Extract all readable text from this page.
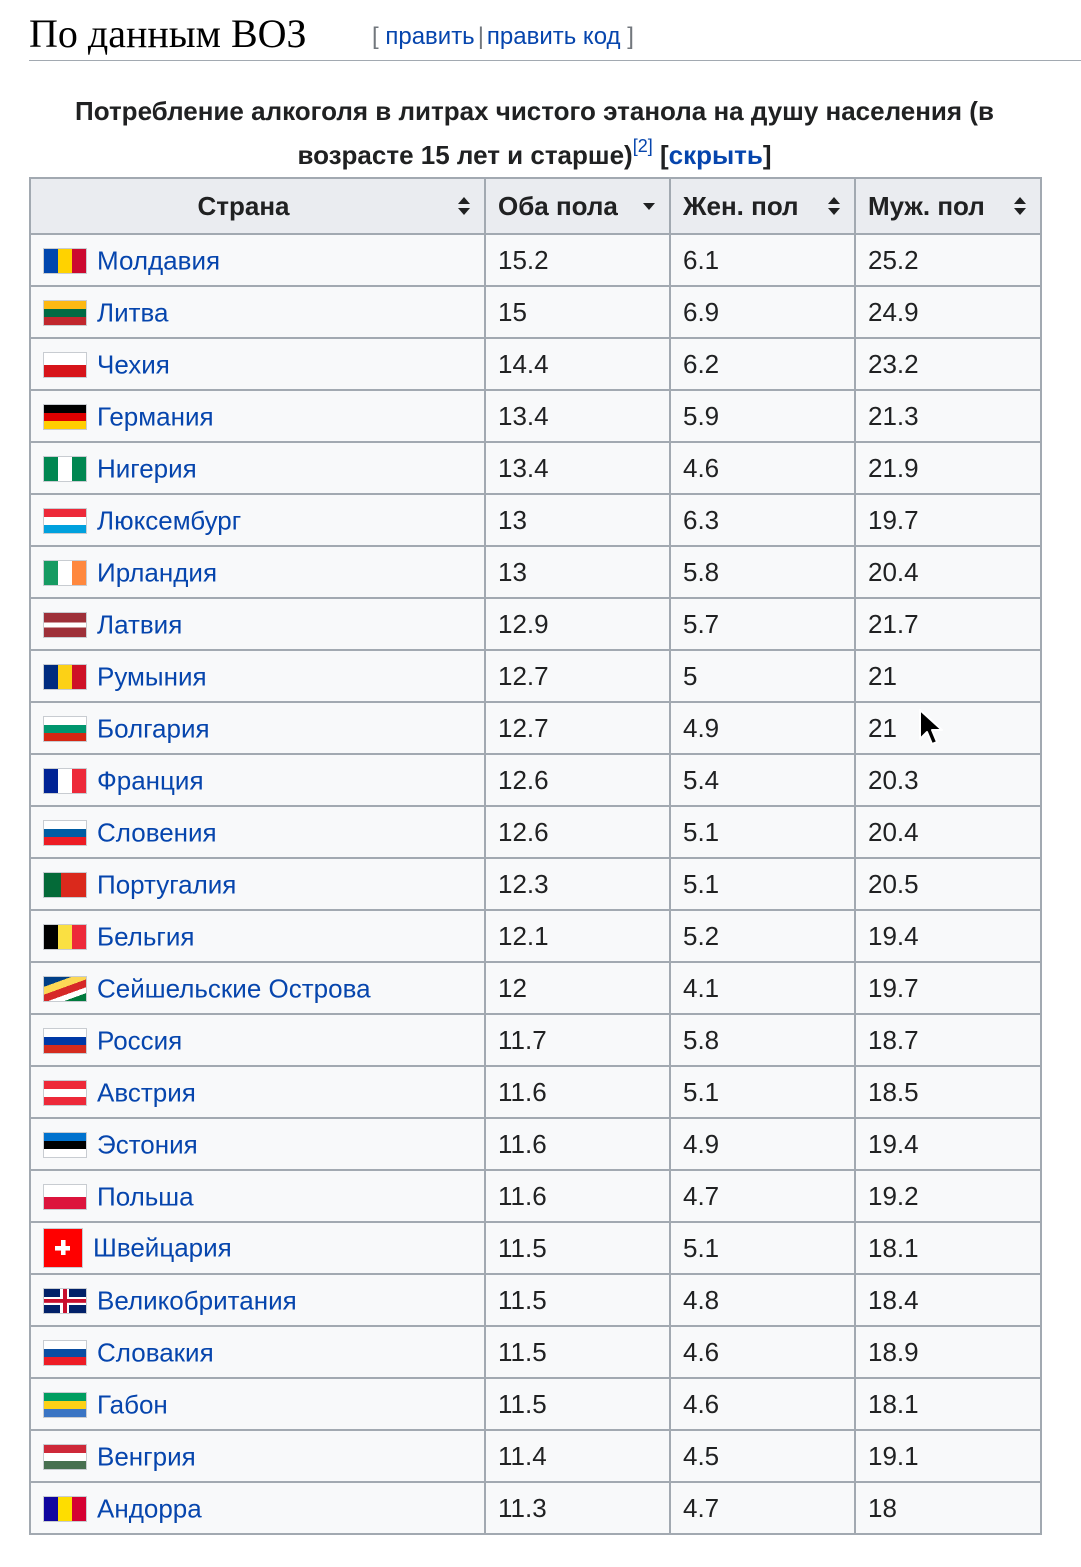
По данным ВОЗ	[ править | править код ]
Потребление алкоголя в литрах чистого этанола на душу населения (в возрасте 15 лет и старше)[2] [скрыть]
Страна	Оба пола	Жен. пол	Муж. пол

Молдавия	15.2	6.1	25.2
Литва	15	6.9	24.9
Чехия	14.4	6.2	23.2
Германия	13.4	5.9	21.3
Нигерия	13.4	4.6	21.9
Люксембург	13	6.3	19.7
Ирландия	13	5.8	20.4
Латвия	12.9	5.7	21.7
Румыния	12.7	5	21
Болгария	12.7	4.9	21
Франция	12.6	5.4	20.3
Словения	12.6	5.1	20.4
Португалия	12.3	5.1	20.5
Бельгия	12.1	5.2	19.4
Сейшельские Острова	12	4.1	19.7
Россия	11.7	5.8	18.7
Австрия	11.6	5.1	18.5
Эстония	11.6	4.9	19.4
Польша	11.6	4.7	19.2
Швейцария	11.5	5.1	18.1
Великобритания	11.5	4.8	18.4
Словакия	11.5	4.6	18.9
Габон	11.5	4.6	18.1
Венгрия	11.4	4.5	19.1
Андорра	11.3	4.7	18
